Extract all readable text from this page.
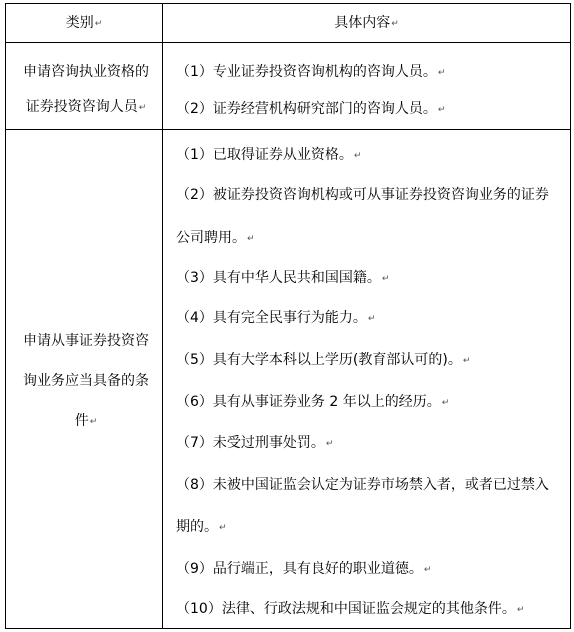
类别↵	具体内容↵
申请咨询执业资格的
证券投资咨询人员↵
（1）专业证券投资咨询机构的咨询人员。↵
（2）证券经营机构研究部门的咨询人员。↵
申请从事证券投资咨
询业务应当具备的条
件↵
（1）已取得证券从业资格。↵
（2）被证券投资咨询机构或可从事证券投资咨询业务的证券
公司聘用。↵
（3）具有中华人民共和国国籍。↵
（4）具有完全民事行为能力。↵
（5）具有大学本科以上学历(教育部认可的)。↵
（6）具有从事证券业务 2 年以上的经历。↵
（7）未受过刑事处罚。↵
（8）未被中国证监会认定为证券市场禁入者，或者已过禁入
期的。↵
（9）品行端正，具有良好的职业道德。↵
（10）法律、行政法规和中国证监会规定的其他条件。↵
